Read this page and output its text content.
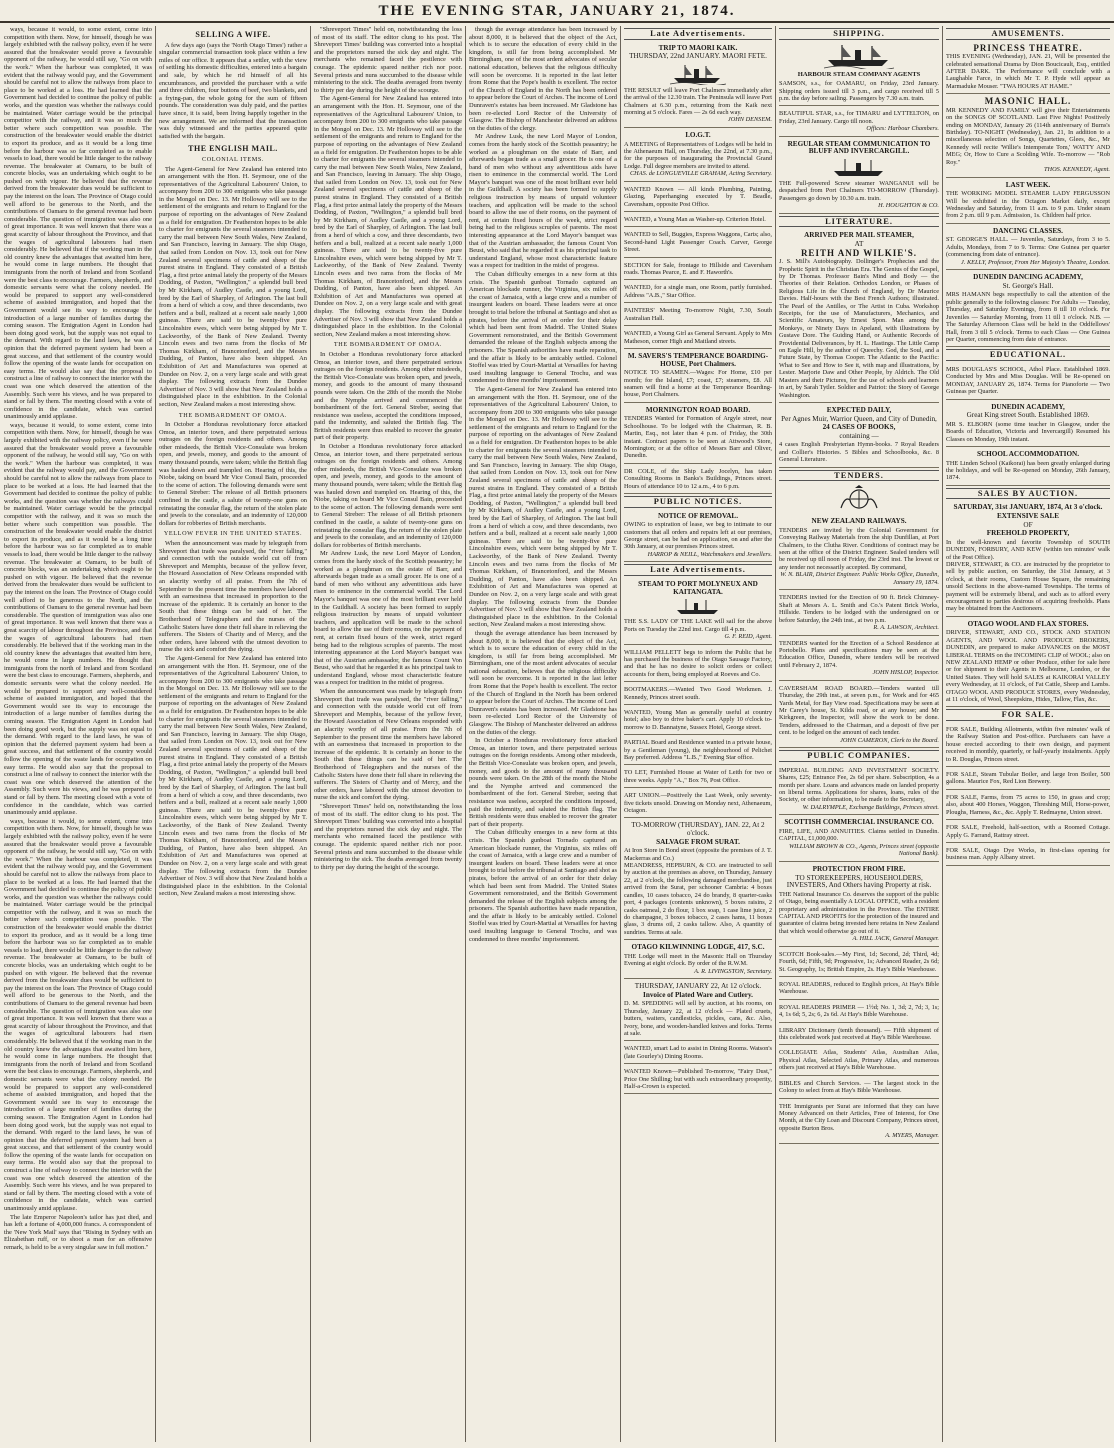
THE EVENING STAR, JANUARY 21, 1874.

ways, because it would, to some extent, come into competition with them. Now, for himself, though he was largely exhibited with the railway policy, even if he were assured that the breakwater would prove a favourable opponent of the railway, he would still say, "Go on with the work." When the harbour was completed, it was evident that the railway would pay, and the Government should be careful not to allow the railways from place to place to be worked at a loss. He had learned that the Government had decided to continue the policy of public works, and the question was whether the railways could be maintained. Water carriage would be the principal competitor with the railway, and it was so much the better where such competition was possible. The construction of the breakwater would enable the district to export its produce, and as it would be a long time before the harbour was so far completed as to enable vessels to load, there would be little danger to the railway revenue. The breakwater at Oamaru, to be built of concrete blocks, was an undertaking which ought to be pushed on with vigour. He believed that the revenue derived from the breakwater dues would be sufficient to pay the interest on the loan. The Province of Otago could well afford to be generous to the North, and the contributions of Oamaru to the general revenue had been considerable. The question of immigration was also one of great importance. It was well known that there was a great scarcity of labour throughout the Province, and that the wages of agricultural labourers had risen considerably. He believed that if the working man in the old country knew the advantages that awaited him here, he would come in large numbers. He thought that immigrants from the north of Ireland and from Scotland were the best class to encourage. Farmers, shepherds, and domestic servants were what the colony needed. He would be prepared to support any well-considered scheme of assisted immigration, and hoped that the Government would see its way to encourage the introduction of a large number of families during the coming season. The Emigration Agent in London had been doing good work, but the supply was not equal to the demand. With regard to the land laws, he was of opinion that the deferred payment system had been a great success, and that settlement of the country would follow the opening of the waste lands for occupation on easy terms. He would also say that the proposal to construct a line of railway to connect the interior with the coast was one which deserved the attention of the Assembly. Such were his views, and he was prepared to stand or fall by them. The meeting closed with a vote of confidence in the candidate, which was carried unanimously amid applause.

ways, because it would, to some extent, come into competition with them. Now, for himself, though he was largely exhibited with the railway policy, even if he were assured that the breakwater would prove a favourable opponent of the railway, he would still say, "Go on with the work." When the harbour was completed, it was evident that the railway would pay, and the Government should be careful not to allow the railways from place to place to be worked at a loss. He had learned that the Government had decided to continue the policy of public works, and the question was whether the railways could be maintained. Water carriage would be the principal competitor with the railway, and it was so much the better where such competition was possible. The construction of the breakwater would enable the district to export its produce, and as it would be a long time before the harbour was so far completed as to enable vessels to load, there would be little danger to the railway revenue. The breakwater at Oamaru, to be built of concrete blocks, was an undertaking which ought to be pushed on with vigour. He believed that the revenue derived from the breakwater dues would be sufficient to pay the interest on the loan. The Province of Otago could well afford to be generous to the North, and the contributions of Oamaru to the general revenue had been considerable. The question of immigration was also one of great importance. It was well known that there was a great scarcity of labour throughout the Province, and that the wages of agricultural labourers had risen considerably. He believed that if the working man in the old country knew the advantages that awaited him here, he would come in large numbers. He thought that immigrants from the north of Ireland and from Scotland were the best class to encourage. Farmers, shepherds, and domestic servants were what the colony needed. He would be prepared to support any well-considered scheme of assisted immigration, and hoped that the Government would see its way to encourage the introduction of a large number of families during the coming season. The Emigration Agent in London had been doing good work, but the supply was not equal to the demand. With regard to the land laws, he was of opinion that the deferred payment system had been a great success, and that settlement of the country would follow the opening of the waste lands for occupation on easy terms. He would also say that the proposal to construct a line of railway to connect the interior with the coast was one which deserved the attention of the Assembly. Such were his views, and he was prepared to stand or fall by them. The meeting closed with a vote of confidence in the candidate, which was carried unanimously amid applause.

ways, because it would, to some extent, come into competition with them. Now, for himself, though he was largely exhibited with the railway policy, even if he were assured that the breakwater would prove a favourable opponent of the railway, he would still say, "Go on with the work." When the harbour was completed, it was evident that the railway would pay, and the Government should be careful not to allow the railways from place to place to be worked at a loss. He had learned that the Government had decided to continue the policy of public works, and the question was whether the railways could be maintained. Water carriage would be the principal competitor with the railway, and it was so much the better where such competition was possible. The construction of the breakwater would enable the district to export its produce, and as it would be a long time before the harbour was so far completed as to enable vessels to load, there would be little danger to the railway revenue. The breakwater at Oamaru, to be built of concrete blocks, was an undertaking which ought to be pushed on with vigour. He believed that the revenue derived from the breakwater dues would be sufficient to pay the interest on the loan. The Province of Otago could well afford to be generous to the North, and the contributions of Oamaru to the general revenue had been considerable. The question of immigration was also one of great importance. It was well known that there was a great scarcity of labour throughout the Province, and that the wages of agricultural labourers had risen considerably. He believed that if the working man in the old country knew the advantages that awaited him here, he would come in large numbers. He thought that immigrants from the north of Ireland and from Scotland were the best class to encourage. Farmers, shepherds, and domestic servants were what the colony needed. He would be prepared to support any well-considered scheme of assisted immigration, and hoped that the Government would see its way to encourage the introduction of a large number of families during the coming season. The Emigration Agent in London had been doing good work, but the supply was not equal to the demand. With regard to the land laws, he was of opinion that the deferred payment system had been a great success, and that settlement of the country would follow the opening of the waste lands for occupation on easy terms. He would also say that the proposal to construct a line of railway to connect the interior with the coast was one which deserved the attention of the Assembly. Such were his views, and he was prepared to stand or fall by them. The meeting closed with a vote of confidence in the candidate, which was carried unanimously amid applause.

The late Emperor Napoleon's tailor has just died, and has left a fortune of 4,000,000 francs. A correspondent of the 'New York Mail' says that "Rising in Sydney with an Elizabethan ruff, or to shoot a man for an offensive remark, is held to be a very singular saw in full motion."

SELLING A WIFE.

A few days ago (says the 'North Otago Times') rather a singular commercial transaction took place within a few miles of our office. It appears that a settler, with the view of settling his domestic difficulties, entered into a bargain and sale, by which he rid himself of all his encumbrances, and provided the purchaser with a wife and three children, four buttons of beef, two blankets, and a frying-pan, the whole going for the sum of fifteen pounds. The consideration was duly paid, and the parties have since, it is said, been living happily together in the new arrangement. We are informed that the transaction was duly witnessed and the parties appeared quite satisfied with the bargain.

THE ENGLISH MAIL.
COLONIAL ITEMS.

The Agent-General for New Zealand has entered into an arrangement with the Hon. H. Seymour, one of the representatives of the Agricultural Labourers' Union, to accompany from 200 to 300 emigrants who take passage in the Mongol on Dec. 13. Mr Holloway will see to the settlement of the emigrants and return to England for the purpose of reporting on the advantages of New Zealand as a field for emigration. Dr Featherston hopes to be able to charter for emigrants the several steamers intended to carry the mail between New South Wales, New Zealand, and San Francisco, leaving in January. The ship Otago, that sailed from London on Nov. 13, took out for New Zealand several specimens of cattle and sheep of the purest strains in England. They consisted of a British Flag, a first prize animal lately the property of the Messrs Dodding, of Paxton, "Wellington," a splendid bull bred by Mr Kirkham, of Audley Castle, and a young Lord, bred by the Earl of Sharpley, of Arlington. The last bull from a herd of which a cow, and three descendants, two heifers and a bull, realized at a recent sale nearly 1,000 guineas. There are said to be twenty-five pure Lincolnshire ewes, which were being shipped by Mr T. Lackworthy, of the Bank of New Zealand. Twenty Lincoln ewes and two rams from the flocks of Mr Thomas Kirkham, of Brancetonford, and the Messrs Dudding, of Panton, have also been shipped. An Exhibition of Art and Manufactures was opened at Dundee on Nov. 2, on a very large scale and with great display. The following extracts from the Dundee Advertiser of Nov. 3 will show that New Zealand holds a distinguished place in the exhibition. In the Colonial section, New Zealand makes a most interesting show.

THE BOMBARDMENT OF OMOA.

In October a Honduras revolutionary force attacked Omoa, an interior town, and there perpetrated serious outrages on the foreign residents and others. Among other misdeeds, the British Vice-Consulate was broken open, and jewels, money, and goods to the amount of many thousand pounds, were taken; while the British flag was hauled down and trampled on. Hearing of this, the Niobe, taking on board Mr Vice Consul Bain, proceeded to the scene of action. The following demands were sent to General Streber: The release of all British prisoners confined in the castle, a salute of twenty-one guns on reinstating the consular flag, the return of the stolen plate and jewels to the consulate, and an indemnity of 120,000 dollars for robberies of British merchants.

YELLOW FEVER IN THE UNITED STATES.

When the announcement was made by telegraph from Shreveport that trade was paralysed, the "river falling," and connection with the outside world cut off from Shreveport and Memphis, because of the yellow fever, the Howard Association of New Orleans responded with an alacrity worthy of all praise. From the 7th of September to the present time the members have labored with an earnestness that increased in proportion to the increase of the epidemic. It is certainly an honor to the South that these things can be said of her. The Brotherhood of Telegraphers and the nurses of the Catholic Sisters have done their full share in relieving the sufferers. The Sisters of Charity and of Mercy, and the other orders, have labored with the utmost devotion to nurse the sick and comfort the dying.

The Agent-General for New Zealand has entered into an arrangement with the Hon. H. Seymour, one of the representatives of the Agricultural Labourers' Union, to accompany from 200 to 300 emigrants who take passage in the Mongol on Dec. 13. Mr Holloway will see to the settlement of the emigrants and return to England for the purpose of reporting on the advantages of New Zealand as a field for emigration. Dr Featherston hopes to be able to charter for emigrants the several steamers intended to carry the mail between New South Wales, New Zealand, and San Francisco, leaving in January. The ship Otago, that sailed from London on Nov. 13, took out for New Zealand several specimens of cattle and sheep of the purest strains in England. They consisted of a British Flag, a first prize animal lately the property of the Messrs Dodding, of Paxton, "Wellington," a splendid bull bred by Mr Kirkham, of Audley Castle, and a young Lord, bred by the Earl of Sharpley, of Arlington. The last bull from a herd of which a cow, and three descendants, two heifers and a bull, realized at a recent sale nearly 1,000 guineas. There are said to be twenty-five pure Lincolnshire ewes, which were being shipped by Mr T. Lackworthy, of the Bank of New Zealand. Twenty Lincoln ewes and two rams from the flocks of Mr Thomas Kirkham, of Brancetonford, and the Messrs Dudding, of Panton, have also been shipped. An Exhibition of Art and Manufactures was opened at Dundee on Nov. 2, on a very large scale and with great display. The following extracts from the Dundee Advertiser of Nov. 3 will show that New Zealand holds a distinguished place in the exhibition. In the Colonial section, New Zealand makes a most interesting show.

"Shreveport Times" held on, notwithstanding the loss of most of its staff. The editor clung to his post. The Shreveport Times' building was converted into a hospital and the proprietors nursed the sick day and night. The merchants who remained faced the pestilence with courage. The epidemic spared neither rich nor poor. Several priests and nuns succumbed to the disease while ministering to the sick. The deaths averaged from twenty to thirty per day during the height of the scourge.

The Agent-General for New Zealand has entered into an arrangement with the Hon. H. Seymour, one of the representatives of the Agricultural Labourers' Union, to accompany from 200 to 300 emigrants who take passage in the Mongol on Dec. 13. Mr Holloway will see to the settlement of the emigrants and return to England for the purpose of reporting on the advantages of New Zealand as a field for emigration. Dr Featherston hopes to be able to charter for emigrants the several steamers intended to carry the mail between New South Wales, New Zealand, and San Francisco, leaving in January. The ship Otago, that sailed from London on Nov. 13, took out for New Zealand several specimens of cattle and sheep of the purest strains in England. They consisted of a British Flag, a first prize animal lately the property of the Messrs Dodding, of Paxton, "Wellington," a splendid bull bred by Mr Kirkham, of Audley Castle, and a young Lord, bred by the Earl of Sharpley, of Arlington. The last bull from a herd of which a cow, and three descendants, two heifers and a bull, realized at a recent sale nearly 1,000 guineas. There are said to be twenty-five pure Lincolnshire ewes, which were being shipped by Mr T. Lackworthy, of the Bank of New Zealand. Twenty Lincoln ewes and two rams from the flocks of Mr Thomas Kirkham, of Brancetonford, and the Messrs Dudding, of Panton, have also been shipped. An Exhibition of Art and Manufactures was opened at Dundee on Nov. 2, on a very large scale and with great display. The following extracts from the Dundee Advertiser of Nov. 3 will show that New Zealand holds a distinguished place in the exhibition. In the Colonial section, New Zealand makes a most interesting show.

THE BOMBARDMENT OF OMOA.

In October a Honduras revolutionary force attacked Omoa, an interior town, and there perpetrated serious outrages on the foreign residents. Among other misdeeds, the British Vice-Consulate was broken open, and jewels, money, and goods to the amount of many thousand pounds were taken. On the 28th of the month the Niobe and the Nymphe arrived and commenced the bombardment of the fort. General Streber, seeing that resistance was useless, accepted the conditions imposed, paid the indemnity, and saluted the British flag. The British residents were thus enabled to recover the greater part of their property.

In October a Honduras revolutionary force attacked Omoa, an interior town, and there perpetrated serious outrages on the foreign residents and others. Among other misdeeds, the British Vice-Consulate was broken open, and jewels, money, and goods to the amount of many thousand pounds, were taken; while the British flag was hauled down and trampled on. Hearing of this, the Niobe, taking on board Mr Vice Consul Bain, proceeded to the scene of action. The following demands were sent to General Streber: The release of all British prisoners confined in the castle, a salute of twenty-one guns on reinstating the consular flag, the return of the stolen plate and jewels to the consulate, and an indemnity of 120,000 dollars for robberies of British merchants.

Mr Andrew Lusk, the new Lord Mayor of London, comes from the hardy stock of the Scottish peasantry; he worked as a ploughman on the estate of Barr, and afterwards began trade as a small grocer. He is one of a band of men who without any adventitious aids have risen to eminence in the commercial world. The Lord Mayor's banquet was one of the most brilliant ever held in the Guildhall. A society has been formed to supply religious instruction by means of unpaid volunteer teachers, and application will be made to the school board to allow the use of their rooms, on the payment of rent, at certain fixed hours of the week, strict regard being had to the religious scruples of parents. The most interesting appearance at the Lord Mayor's banquet was that of the Austrian ambassador, the famous Count Von Beust, who said that he regarded it as his principal task to understand England, whose most characteristic feature was a respect for tradition in the midst of progress.

When the announcement was made by telegraph from Shreveport that trade was paralysed, the "river falling," and connection with the outside world cut off from Shreveport and Memphis, because of the yellow fever, the Howard Association of New Orleans responded with an alacrity worthy of all praise. From the 7th of September to the present time the members have labored with an earnestness that increased in proportion to the increase of the epidemic. It is certainly an honor to the South that these things can be said of her. The Brotherhood of Telegraphers and the nurses of the Catholic Sisters have done their full share in relieving the sufferers. The Sisters of Charity and of Mercy, and the other orders, have labored with the utmost devotion to nurse the sick and comfort the dying.

"Shreveport Times" held on, notwithstanding the loss of most of its staff. The editor clung to his post. The Shreveport Times' building was converted into a hospital and the proprietors nursed the sick day and night. The merchants who remained faced the pestilence with courage. The epidemic spared neither rich nor poor. Several priests and nuns succumbed to the disease while ministering to the sick. The deaths averaged from twenty to thirty per day during the height of the scourge.

though the average attendance has been increased by about 8,000, it is believed that the object of the Act, which is to secure the education of every child in the kingdom, is still far from being accomplished. Mr Birmingham, one of the most ardent advocates of secular national education, believes that the religious difficulty will soon be overcome. It is reported in the last letter from Rome that the Pope's health is excellent. The rector of the Church of England in the North has been ordered to appear before the Court of Arches. The income of Lord Dunraven's estates has been increased. Mr Gladstone has been re-elected Lord Rector of the University of Glasgow. The Bishop of Manchester delivered an address on the duties of the clergy.

Mr Andrew Lusk, the new Lord Mayor of London, comes from the hardy stock of the Scottish peasantry; he worked as a ploughman on the estate of Barr, and afterwards began trade as a small grocer. He is one of a band of men who without any adventitious aids have risen to eminence in the commercial world. The Lord Mayor's banquet was one of the most brilliant ever held in the Guildhall. A society has been formed to supply religious instruction by means of unpaid volunteer teachers, and application will be made to the school board to allow the use of their rooms, on the payment of rent, at certain fixed hours of the week, strict regard being had to the religious scruples of parents. The most interesting appearance at the Lord Mayor's banquet was that of the Austrian ambassador, the famous Count Von Beust, who said that he regarded it as his principal task to understand England, whose most characteristic feature was a respect for tradition in the midst of progress.

The Cuban difficulty emerges in a new form at this crisis. The Spanish gunboat Tornado captured an American blockade runner, the Virginius, six miles off the coast of Jamaica, with a large crew and a number of insurgent leaders on board. These leaders were at once brought to trial before the tribunal at Santiago and shot as pirates, before the arrival of an order for their delay which had been sent from Madrid. The United States Government remonstrated, and the British Government demanded the release of the English subjects among the prisoners. The Spanish authorities have made reparation, and the affair is likely to be amicably settled. Colonel Stoffel was tried by Court-Martial at Versailles for having used insulting language to General Trochu, and was condemned to three months' imprisonment.

The Agent-General for New Zealand has entered into an arrangement with the Hon. H. Seymour, one of the representatives of the Agricultural Labourers' Union, to accompany from 200 to 300 emigrants who take passage in the Mongol on Dec. 13. Mr Holloway will see to the settlement of the emigrants and return to England for the purpose of reporting on the advantages of New Zealand as a field for emigration. Dr Featherston hopes to be able to charter for emigrants the several steamers intended to carry the mail between New South Wales, New Zealand, and San Francisco, leaving in January. The ship Otago, that sailed from London on Nov. 13, took out for New Zealand several specimens of cattle and sheep of the purest strains in England. They consisted of a British Flag, a first prize animal lately the property of the Messrs Dodding, of Paxton, "Wellington," a splendid bull bred by Mr Kirkham, of Audley Castle, and a young Lord, bred by the Earl of Sharpley, of Arlington. The last bull from a herd of which a cow, and three descendants, two heifers and a bull, realized at a recent sale nearly 1,000 guineas. There are said to be twenty-five pure Lincolnshire ewes, which were being shipped by Mr T. Lackworthy, of the Bank of New Zealand. Twenty Lincoln ewes and two rams from the flocks of Mr Thomas Kirkham, of Brancetonford, and the Messrs Dudding, of Panton, have also been shipped. An Exhibition of Art and Manufactures was opened at Dundee on Nov. 2, on a very large scale and with great display. The following extracts from the Dundee Advertiser of Nov. 3 will show that New Zealand holds a distinguished place in the exhibition. In the Colonial section, New Zealand makes a most interesting show.

though the average attendance has been increased by about 8,000, it is believed that the object of the Act, which is to secure the education of every child in the kingdom, is still far from being accomplished. Mr Birmingham, one of the most ardent advocates of secular national education, believes that the religious difficulty will soon be overcome. It is reported in the last letter from Rome that the Pope's health is excellent. The rector of the Church of England in the North has been ordered to appear before the Court of Arches. The income of Lord Dunraven's estates has been increased. Mr Gladstone has been re-elected Lord Rector of the University of Glasgow. The Bishop of Manchester delivered an address on the duties of the clergy.

In October a Honduras revolutionary force attacked Omoa, an interior town, and there perpetrated serious outrages on the foreign residents. Among other misdeeds, the British Vice-Consulate was broken open, and jewels, money, and goods to the amount of many thousand pounds were taken. On the 28th of the month the Niobe and the Nymphe arrived and commenced the bombardment of the fort. General Streber, seeing that resistance was useless, accepted the conditions imposed, paid the indemnity, and saluted the British flag. The British residents were thus enabled to recover the greater part of their property.

The Cuban difficulty emerges in a new form at this crisis. The Spanish gunboat Tornado captured an American blockade runner, the Virginius, six miles off the coast of Jamaica, with a large crew and a number of insurgent leaders on board. These leaders were at once brought to trial before the tribunal at Santiago and shot as pirates, before the arrival of an order for their delay which had been sent from Madrid. The United States Government remonstrated, and the British Government demanded the release of the English subjects among the prisoners. The Spanish authorities have made reparation, and the affair is likely to be amicably settled. Colonel Stoffel was tried by Court-Martial at Versailles for having used insulting language to General Trochu, and was condemned to three months' imprisonment.

Late Advertisements.
TRIP TO MAORI KAIK.
THURSDAY, 22nd JANUARY. MAORI FETE.
THE RESULT will leave Port Chalmers immediately after the arrival of the 12.30 train. The Peninsula will leave Port Chalmers at 6.30 p.m., returning from the Kaik next morning at 5 o'clock. Fares — 2s 6d each way.
JOHN DENSEM.
I.O.G.T.
A MEETING of Representatives of Lodges will be held in the Athenaeum Hall, on Thursday, the 22nd, at 7.30 p.m., for the purposes of inaugurating the Provincial Grand Lodge. Full degree members are invited to attend.
CHAS. de LONGUEVILLE GRAHAM, Acting Secretary.
WANTED Known — All kinds Plumbing, Painting, Glazing, Paperhanging executed by T. Beadle, Cavensham, opposite Post Office.
WANTED, a Young Man as Washer-up. Criterion Hotel.
WANTED to Sell, Buggies, Express Waggons, Carts; also, Second-hand Light Passenger Coach. Carver, George Street.
SECTION for Sale, frontage to Hillside and Caversham roads. Thomas Pearce, E. and F. Haworth's.
WANTED, for a single man, one Room, partly furnished. Address "A.B.," Star Office.
PAINTERS' Meeting To-morrow Night, 7.30, South Australian Hall.
WANTED, a Young Girl as General Servant. Apply to Mrs Matheson, corner High and Maitland streets.
M. SAVERS'S TEMPERANCE BOARDING-HOUSE, Port Chalmers.
NOTICE TO SEAMEN.—Wages: For Home, £10 per month; for the Island, £7; coast, £7; steamers, £8. All seamen will find a home at the Temperance Boarding-house, Port Chalmers.
MORNINGTON ROAD BOARD.
TENDERS Wanted for Formation of Argyle street, near Schoolhouse. To be lodged with the Chairman, R. B. Martin, Esq., not later than 4 p.m. of Friday, the 30th instant. Contract papers to be seen at Attwood's Store, Mornington; or at the office of Messrs Barr and Oliver, Dunedin.
DR COLE, of the Ship Lady Jocelyn, has taken Consulting Rooms in Banks's Buildings, Princes street. Hours of attendance 10 to 12 a.m., 4 to 6 p.m.
PUBLIC NOTICES.
NOTICE OF REMOVAL.
OWING to expiration of lease, we beg to intimate to our customers that all orders and repairs left at our premises, George street, can be had on application, on and after the 30th January, at our premises Princes street.
HARROP & NEILL, Watchmakers and Jewellers.
Late Advertisements.
STEAM TO PORT MOLYNEUX AND KAITANGATA.
THE S.S. LADY OF THE LAKE will sail for the above Ports on Tuesday the 22nd inst. Cargo till 4 p.m.
G. F. REID, Agent.
WILLIAM PELLETT begs to inform the Public that he has purchased the business of the Otago Sausage Factory, and that he has no desire to solicit orders or collect accounts for them, being employed at Roeves and Co.
BOOTMAKERS.—Wanted Two Good Workmen. J. Kennedy, Princes street south.
WANTED, Young Man as generally useful at country hotel; also boy to drive baker's cart. Apply 10 o'clock to-morrow to D. Bannatyne, Sussex Hotel, George street.
PARTIAL Board and Residence wanted in a private house, by a Gentleman (young), the neighbourhood of Pelichet Bay preferred. Address "L.B.," Evening Star office.
TO LET, Furnished House at Water of Leith for two or three weeks. Apply "A.," Box 76, Post Office.
ART UNION.—Positively the Last Week, only seventy-five tickets unsold. Drawing on Monday next, Athenaeum, Octagon.
TO-MORROW (THURSDAY), JAN. 22, At 2 o'clock.
SALVAGE FROM SURAT.
At Iron Store in Bond street (opposite the premises of J. T. Mackerras and Co.)
MEANDRESS, HEPBURN, & CO. are instructed to sell by auction at the premises as above, on Thursday, January 22, at 2 o'clock, the following damaged merchandise, just arrived from the Surat, per schooner Cambria: 4 boxes candles, 10 cases tobacco, 24 do brandy, 8 quarter-casks port, 4 packages (contents unknown), 5 boxes raisins, 2 casks oatmeal, 2 do flour, 1 box soap, 1 case lime juice, 2 do champagne, 3 boxes tobacco, 2 cases hams, 11 boxes glass, 3 drums oil, 2 casks tallow. Also, A quantity of sundries. Terms at sale.
OTAGO KILWINNING LODGE, 417, S.C.
THE Lodge will meet in the Masonic Hall on Thursday Evening at eight o'clock. By order of the R.W.M.
A. R. LIVINGSTON, Secretary.
THURSDAY, JANUARY 22, At 12 o'clock.
Invoice of Plated Ware and Cutlery.
D. M. SPEDDING will sell by auction, at his rooms, on Thursday, January 22, at 12 o'clock — Plated cruets, butters, waiters, candlesticks, pickles, cans, &c. Also, Ivory, bone, and wooden-handled knives and forks. Terms at sale.
WANTED, smart Lad to assist in Dining Rooms. Watson's (late Gourley's) Dining Rooms.
WANTED Known—Published To-morrow, "Fairy Dust," Price One Shilling; but with such extraordinary prosperity, Half-a-Crown is expected.
SHIPPING.
HARBOUR STEAM COMPANY AGENTS
SAMSON, s.s., for OAMARU, on Friday, 23rd January. Shipping orders issued till 3 p.m., and cargo received till 5 p.m. the day before sailing. Passengers by 7.30 a.m. train.
BEAUTIFUL STAR, s.s., for TIMARU and LYTTELTON, on Friday, 23rd January. Cargo till noon.
Offices: Harbour Chambers.
REGULAR STEAM COMMUNICATION TO BLUFF AND INVERCARGILL.
THE Full-powered Screw steamer WANGANUI will be despatched from Port Chalmers TO-MORROW (Thursday). Passengers go down by 10.30 a.m. train.
H. HOUGHTON & CO.
LITERATURE.
ARRIVED PER MAIL STEAMER,
AT
REITH AND WILKIE'S.
J. S. Mill's Autobiography. Dollinger's Prophecies and the Prophetic Spirit in the Christian Era. The Genius of the Gospel, by Dr Thomas. Professor Bain's Mind and Body — the Theories of their Relation. Orthodox London, or Phases of Religious Life in the Church of England, by Dr Maurice Davies. Half-hours with the Best French Authors; illustrated. The Pearl of the Antilles, or The Artist in Cuba. Workshop Receipts, for the use of Manufacturers, Mechanics, and Scientific Amateurs, by Ernest Spon. Man among the Monkeys, or Ninety Days in Apeland, with illustrations by Gustave Dore. The Guiding Hand, or Authentic Records of Providential Deliverances, by H. L. Hastings. The Little Camp on Eagle Hill, by the author of Queechy. God, the Soul, and a Future State, by Thomas Cooper. The Atlantic to the Pacific: What to See and How to See it, with map and illustrations, by Lester. Marjorie Daw and Other People, by Aldrich. The Old Masters and their Pictures, for the use of schools and learners in art, by Sarah Tytler. Soldier and Patriot: the Story of George Washington.
EXPECTED DAILY,
Per Agnes Muir, Warrior Queen, and City of Dunedin,
24 CASES OF BOOKS,
containing —
4 cases English Presbyterian Hymn-books. 7 Royal Readers and Collier's Histories. 5 Bibles and Schoolbooks, &c. 8 General Literature.
TENDERS.
NEW ZEALAND RAILWAYS.
TENDERS are invited by the Colonial Government for Conveying Railway Materials from the ship Dunfillan, at Port Chalmers, to the Clutha River. Conditions of contract may be seen at the office of the District Engineer. Sealed tenders will be received up till noon of Friday, the 23rd inst. The lowest or any tender not necessarily accepted. By command,
W. N. BLAIR, District Engineer. Public Works Office, Dunedin, January 19, 1874.
TENDERS invited for the Erection of 90 ft. Brick Chimney-Shaft at Messrs A. L. Smith and Co.'s Patent Brick Works, Hillside. Tenders to be lodged with the undersigned on or before Saturday, the 24th inst., at two p.m.
R. A. LAWSON, Architect.
TENDERS wanted for the Erection of a School Residence at Portobello. Plans and specifications may be seen at the Education Office, Dunedin, where tenders will be received until February 2, 1874.
JOHN HISLOP, Inspector.
CAVERSHAM ROAD BOARD.—Tenders wanted till Thursday, the 29th inst., at seven p.m., for Work and for 465 Yards Metal, for Bay View road. Specifications may be seen at Mr Carey's house, St. Kilda road, or at any house; and Mr Kirkgreen, the Inspector, will show the work to be done. Tenders, addressed to the Chairman, and a deposit of five per cent. to be lodged on the amount of each tender.
JOHN CAMERON, Clerk to the Board.
PUBLIC COMPANIES.
IMPERIAL BUILDING AND INVESTMENT SOCIETY. Shares, £25; Entrance Fee, 2s 6d per share. Subscription, 4s a month per share. Loans and advances made on landed property on liberal terms. Applications for shares, loans, rules of the Society, or other information, to be made to the Secretary,
W. DALRYMPLE, Exchange Buildings, Princes street.
SCOTTISH COMMERCIAL INSURANCE CO.
FIRE, LIFE, AND ANNUITIES. Claims settled in Dunedin. CAPITAL, £1,000,000.
WILLIAM BROWN & CO., Agents, Princes street (opposite National Bank).
PROTECTION FROM FIRE.
TO STOREKEEPERS, HOUSEHOLDERS, INVESTERS, And Others having Property at risk.
THE National Insurance Co. deserves the support of the public of Otago, being essentially A LOCAL OFFICE, with a resident proprietary and administration in the Province. The ENTIRE CAPITAL AND PROFITS for the protection of the insured and guarantee of claims being invested here retains in New Zealand that which would otherwise go out of it.
A. HILL JACK, General Manager.
SCOTCH Book-sales.—My First, 1d; Second, 2d; Third, 4d; Fourth, 6d; Fifth, 9d; Progressive, 1s; Advanced Reader, 2s 6d; St. Geography, 1s; British Empire, 2s. Hay's Bible Warehouse.
ROYAL READERS, reduced to English prices, At Hay's Bible Warehouse.
ROYAL READERS PRIMER — 1½d; No. 1, 3d; 2, 7d; 3, 1s; 4, 1s 6d; 5, 2s; 6, 2s 6d. At Hay's Bible Warehouse.
LIBRARY Dictionary (tenth thousand). — Fifth shipment of this celebrated work just received at Hay's Bible Warehouse.
COLLEGIATE Atlas, Students' Atlas, Australian Atlas, Physical Atlas, Selected Atlas, Primary Atlas, and numerous others just received at Hay's Bible Warehouse.
BIBLES and Church Services. — The largest stock in the Colony to select from at Hay's Bible Warehouse.
THE Immigrants per Surat are informed that they can have Money Advanced on their Articles, Free of Interest, for One Month, at the City Loan and Discount Company, Princes street, opposite Burton Bros.
A. MYERS, Manager.
AMUSEMENTS.
PRINCESS THEATRE.
THIS EVENING (Wednesday), JAN. 21, Will be presented the celebrated sensational Drama by Dion Boucicault, Esq., entitled AFTER DARK. The Performance will conclude with a Laughable Farce, in which Mr T. P. Hyde will appear as Marmaduke Mouser. "TWA HOURS AT HAME."
MASONIC HALL.
MR KENNEDY AND FAMILY will give their Entertainments on the SONGS OF SCOTLAND. Last Five Nights! Positively ending on MONDAY, January 26 (114th anniversary of Burns's Birthday). TO-NIGHT (Wednesday), Jan. 21, In addition to a miscellaneous selection of Songs, Quartettes, Glees, &c., Mr Kennedy will recite 'Willie's Intemperate Tom,' WATTY AND MEG; Or, How to Cure a Scolding Wife. To-morrow — "Rob Roy."
THOS. KENNEDY, Agent.
LAST WEEK.
THE WORKING MODEL STEAMER LADY FERGUSSON Will be exhibited in the Octagon Market daily, except Wednesday and Saturday, from 11 a.m. to 9 p.m. Under steam from 2 p.m. till 9 p.m. Admission, 1s. Children half price.
DANCING CLASSES.
ST. GEORGE'S HALL. — Juveniles, Saturdays, from 3 to 5. Adults, Mondays, from 7 to 9. Terms: One Guinea per quarter (commencing from date of entrance).
J. KELLY, Professor, From Her Majesty's Theatre, London.
DUNEDIN DANCING ACADEMY,
St. George's Hall.
MRS HAMANN begs respectfully to call the attention of the public generally to the following classes: For Adults — Tuesday, Thursday, and Saturday Evenings, from 8 till 10 o'clock. For Juveniles — Saturday Morning, from 11 till 1 o'clock. N.B. — The Saturday Afternoon Class will be held in the Oddfellows' Hall, from 3 till 5 o'clock. Terms to each Class — One Guinea per Quarter, commencing from date of entrance.
EDUCATIONAL.
MRS DOUGLAS'S SCHOOL, Athol Place. Established 1869. Conducted by Mrs and Miss Douglas. Will be Re-opened on MONDAY, JANUARY 26, 1874. Terms for Pianoforte — Two Guineas per Quarter.
DUNEDIN ACADEMY,
Great King street South. Established 1869.
MR S. ELBORN (some time teacher in Glasgow, under the Boards of Education, Victoria and Invercargill) Resumed his Classes on Monday, 19th instant.
SCHOOL ACCOMMODATION.
THE Linden School (Kaikorai) has been greatly enlarged during the holidays, and will be Re-opened on Monday, 26th January, 1874.
SALES BY AUCTION.
SATURDAY, 31st JANUARY, 1874, At 3 o'clock.
EXTENSIVE SALE
OF
FREEHOLD PROPERTY,
In the well-known and favorite Township of SOUTH DUNEDIN, FORBURY, AND KEW (within ten minutes' walk of the Post Office).
DRIVER, STEWART, & CO. are instructed by the proprietor to sell by public auction, on Saturday, the 31st January, at 3 o'clock, at their rooms, Custom House Square, the remaining unsold Sections in the above-named Townships. The terms of payment will be extremely liberal, and such as to afford every encouragement to parties desirous of acquiring freeholds. Plans may be obtained from the Auctioneers.
OTAGO WOOL AND FLAX STORES.
DRIVER, STEWART, AND CO., STOCK AND STATION AGENTS, AND WOOL AND PRODUCE BROKERS, DUNEDIN, are prepared to make ADVANCES on the MOST LIBERAL TERMS on the INCOMING CLIP of WOOL; also on NEW ZEALAND HEMP or other Produce, either for sale here or for shipment to their Agents in Melbourne, London, or the United States. They will hold SALES at KAIKORAI VALLEY every Wednesday, at 11 o'clock, of Fat Cattle, Sheep and Lambs. OTAGO WOOL AND PRODUCE STORES, every Wednesday, at 11 o'clock, of Wool, Sheepskins, Hides, Tallow, Flax, &c.
FOR SALE.
FOR SALE, Building Allotments, within five minutes' walk of the Railway Station and Post-office. Purchasers can have a house erected according to their own design, and payment received in monthly, quarterly, or half-yearly instalments. Apply to R. Douglas, Princes street.
FOR SALE, Steam Tubular Boiler, and large Iron Boiler, 500 gallons. Maurice Fox, Red Lion Brewery.
FOR SALE, Farms, from 75 acres to 150, in grass and crop; also, about 400 Horses, Waggon, Threshing Mill, Horse-power, Ploughs, Harness, &c., &c. Apply T. Redmayne, Union street.
FOR SALE, Freehold, half-section, with a Roomed Cottage. Apply G. Farrand, Rattray street.
FOR SALE, Otago Dye Works, in first-class opening for business man. Apply Albany street.
